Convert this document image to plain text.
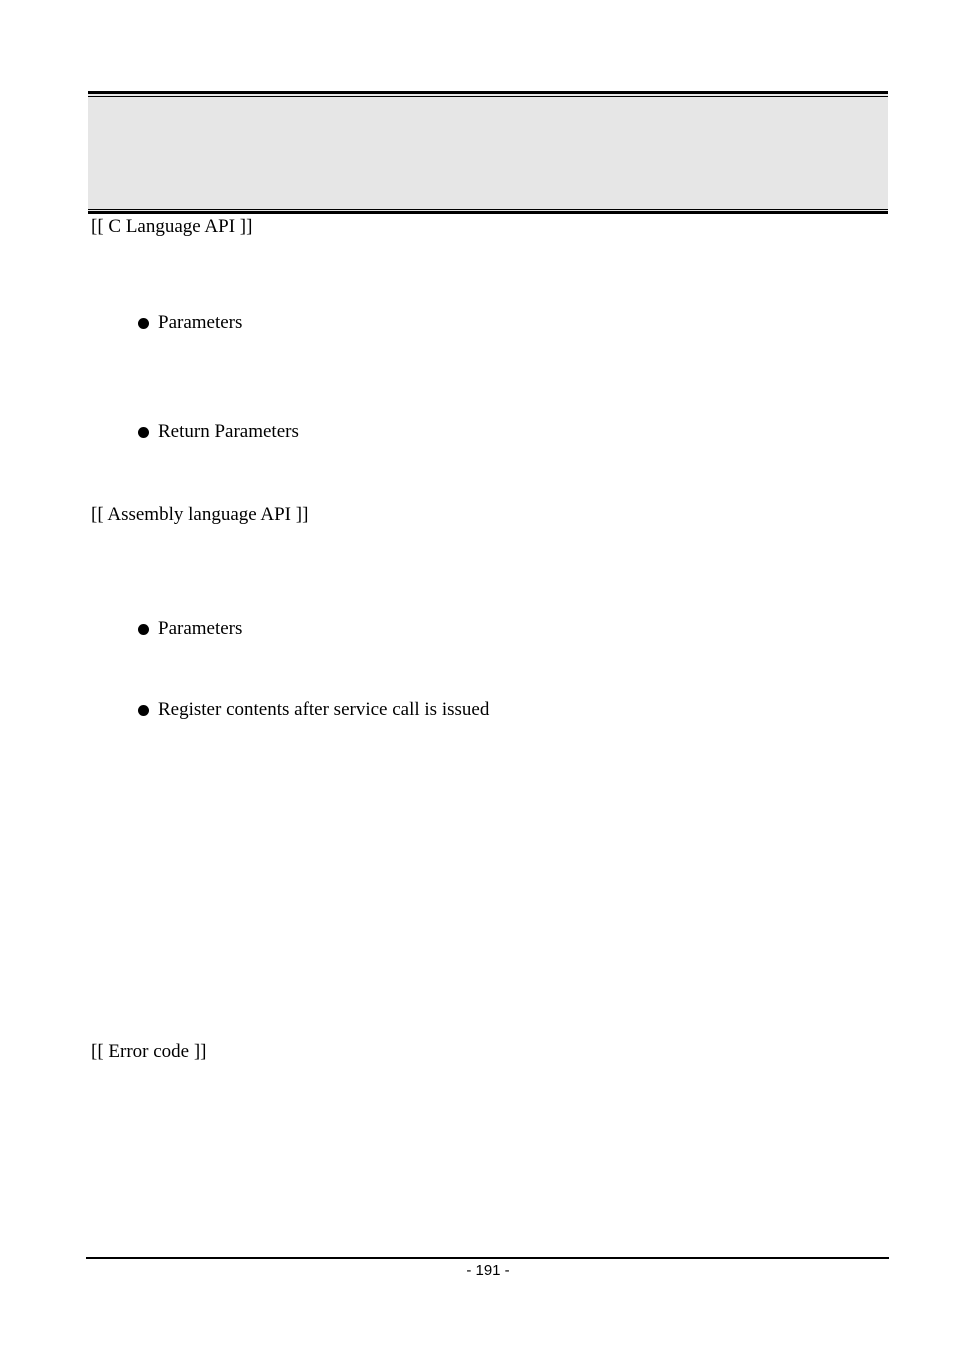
[[ C Language API ]]
Parameters
Return Parameters
[[ Assembly language API ]]
Parameters
Register contents after service call is issued
[[ Error code ]]
- 191 -
